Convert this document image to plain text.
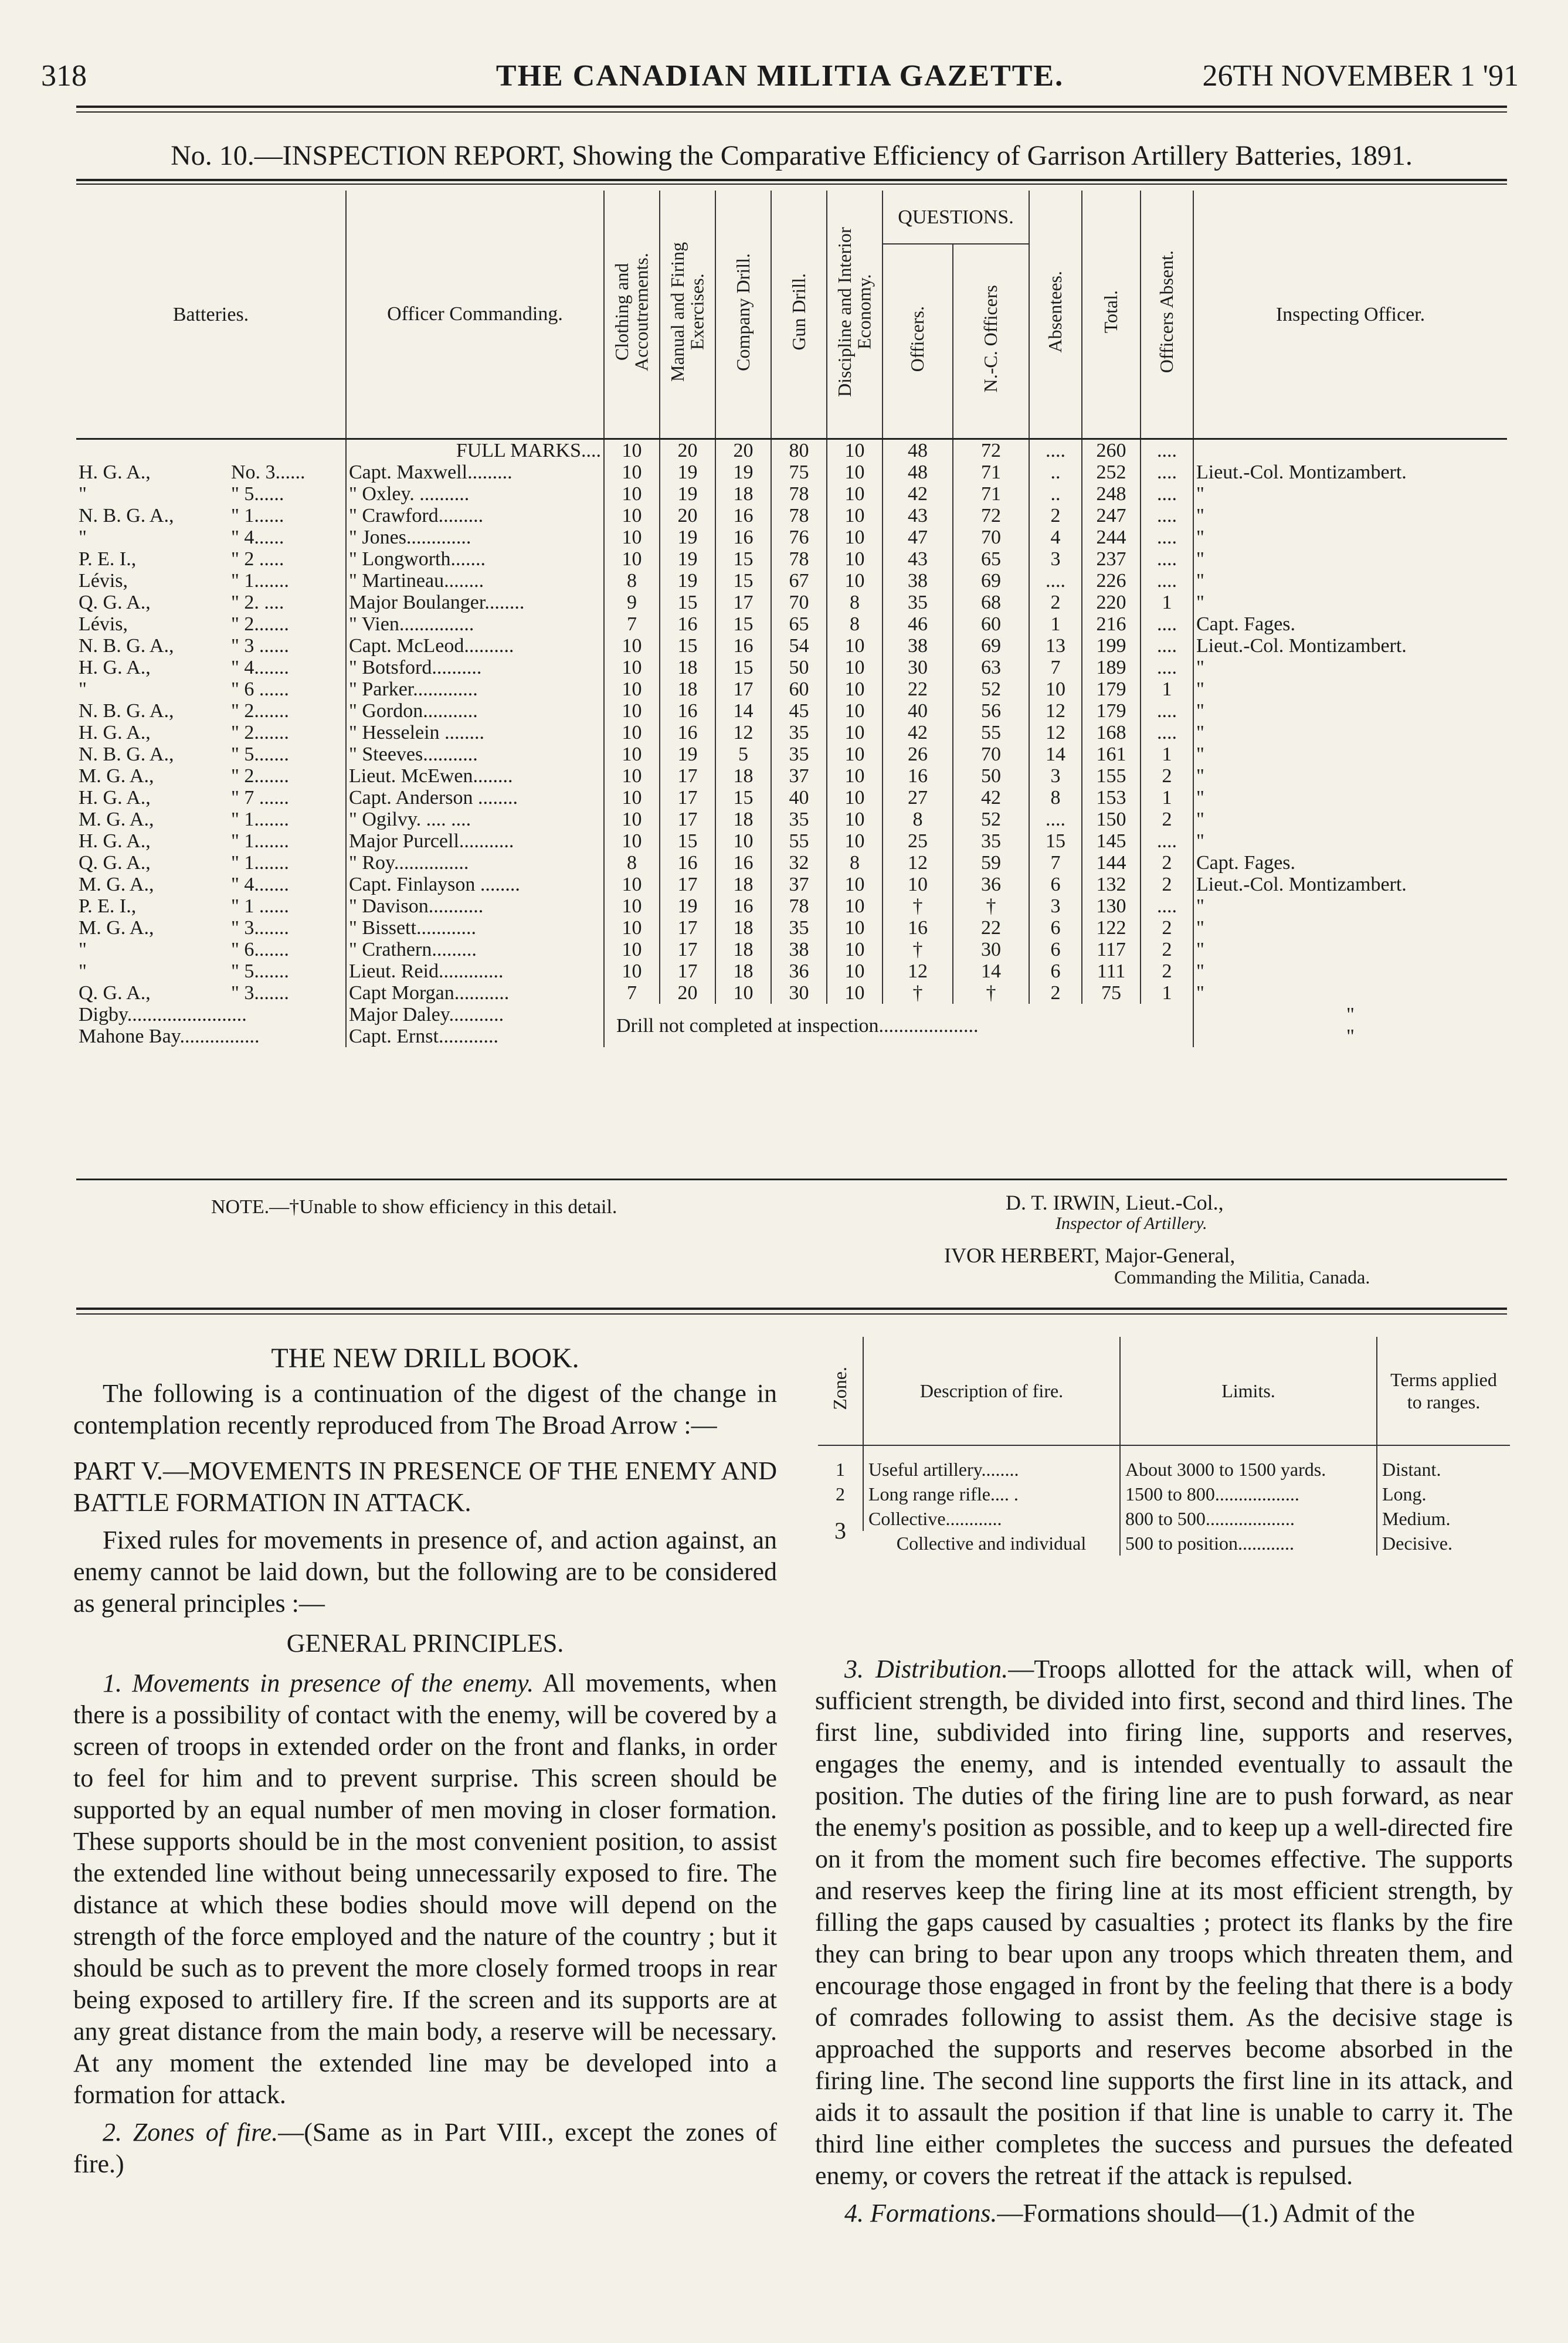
318	THE CANADIAN MILITIA GAZETTE.	26TH NOVEMBER 1 '91
No. 10.—INSPECTION REPORT, Showing the Comparative Efficiency of Garrison Artillery Batteries, 1891.
Batteries.		Officer Commanding.	Clothing and Accoutrements.	Manual and Firing Exercises.	Company Drill.	Gun Drill.	Discipline and Interior Economy.	QUESTIONS.		Absentees.	Total.	Officers Absent.	Inspecting Officer.
								Officers.	N.-C. Officers				
		FULL MARKS....	10	20	20	80	10	48	72	....	260	....	
H. G. A.,	No. 3......	Capt. Maxwell.........	10	19	19	75	10	48	71	..	252	....	Lieut.-Col. Montizambert.
"	" 5......	" Oxley. ..........	10	19	18	78	10	42	71	..	248	....	"
N. B. G. A.,	" 1......	" Crawford.........	10	20	16	78	10	43	72	2	247	....	"
"	" 4......	" Jones.............	10	19	16	76	10	47	70	4	244	....	"
P. E. I.,	" 2 .....	" Longworth.......	10	19	15	78	10	43	65	3	237	....	"
Lévis,	" 1.......	" Martineau........	8	19	15	67	10	38	69	....	226	....	"
Q. G. A.,	" 2. ....	Major Boulanger........	9	15	17	70	8	35	68	2	220	1	"
Lévis,	" 2.......	" Vien...............	7	16	15	65	8	46	60	1	216	....	Capt. Fages.
N. B. G. A.,	" 3 ......	Capt. McLeod..........	10	15	16	54	10	38	69	13	199	....	Lieut.-Col. Montizambert.
H. G. A.,	" 4.......	" Botsford..........	10	18	15	50	10	30	63	7	189	....	"
"	" 6 ......	" Parker.............	10	18	17	60	10	22	52	10	179	1	"
N. B. G. A.,	" 2.......	" Gordon...........	10	16	14	45	10	40	56	12	179	....	"
H. G. A.,	" 2.......	" Hesselein ........	10	16	12	35	10	42	55	12	168	....	"
N. B. G. A.,	" 5.......	" Steeves...........	10	19	5	35	10	26	70	14	161	1	"
M. G. A.,	" 2.......	Lieut. McEwen........	10	17	18	37	10	16	50	3	155	2	"
H. G. A.,	" 7 ......	Capt. Anderson ........	10	17	15	40	10	27	42	8	153	1	"
M. G. A.,	" 1.......	" Ogilvy. .... ....	10	17	18	35	10	8	52	....	150	2	"
H. G. A.,	" 1.......	Major Purcell...........	10	15	10	55	10	25	35	15	145	....	"
Q. G. A.,	" 1.......	" Roy...............	8	16	16	32	8	12	59	7	144	2	Capt. Fages.
M. G. A.,	" 4.......	Capt. Finlayson ........	10	17	18	37	10	10	36	6	132	2	Lieut.-Col. Montizambert.
P. E. I.,	" 1 ......	" Davison...........	10	19	16	78	10	†	†	3	130	....	"
M. G. A.,	" 3.......	" Bissett............	10	17	18	35	10	16	22	6	122	2	"
"	" 6.......	" Crathern.........	10	17	18	38	10	†	30	6	117	2	"
"	" 5.......	Lieut. Reid.............	10	17	18	36	10	12	14	6	111	2	"
Q. G. A.,	" 3.......	Capt Morgan...........	7	20	10	30	10	†	†	2	75	1	"
Digby........................		Major Daley...........	Drill not completed at inspection....................										"
Mahone Bay................		Capt. Ernst............											"
NOTE.—†Unable to show efficiency in this detail.	D. T. IRWIN, Lieut.-Col.,
Inspector of Artillery.
IVOR HERBERT, Major-General,
Commanding the Militia, Canada.
THE NEW DRILL BOOK.

The following is a continuation of the digest of the change in contemplation recently reproduced from The Broad Arrow :—

PART V.—MOVEMENTS IN PRESENCE OF THE ENEMY AND BATTLE FORMATION IN ATTACK.

Fixed rules for movements in presence of, and action against, an enemy cannot be laid down, but the following are to be considered as general principles :—

GENERAL PRINCIPLES.

1. Movements in presence of the enemy. All movements, when there is a possibility of contact with the enemy, will be covered by a screen of troops in extended order on the front and flanks, in order to feel for him and to prevent surprise. This screen should be supported by an equal number of men moving in closer formation. These supports should be in the most convenient position, to assist the extended line without being unnecessarily exposed to fire. The distance at which these bodies should move will depend on the strength of the force employed and the nature of the country ; but it should be such as to prevent the more closely formed troops in rear being exposed to artillery fire. If the screen and its supports are at any great distance from the main body, a reserve will be necessary. At any moment the extended line may be developed into a formation for attack.

2. Zones of fire.—(Same as in Part VIII., except the zones of fire.)

Zone.	Description of fire.	Limits.	Terms applied to ranges.

1	Useful artillery........	About 3000 to 1500 yards.	Distant.
2	Long range rifle.... .	1500 to 800..................	Long.
3	Collective............	800 to 500...................	Medium.
	Collective and individual	500 to position............	Decisive.

3. Distribution.—Troops allotted for the attack will, when of sufficient strength, be divided into first, second and third lines. The first line, subdivided into firing line, supports and reserves, engages the enemy, and is intended eventually to assault the position. The duties of the firing line are to push forward, as near the enemy's position as possible, and to keep up a well-directed fire on it from the moment such fire becomes effective. The supports and reserves keep the firing line at its most efficient strength, by filling the gaps caused by casualties ; protect its flanks by the fire they can bring to bear upon any troops which threaten them, and encourage those engaged in front by the feeling that there is a body of comrades following to assist them. As the decisive stage is approached the supports and reserves become absorbed in the firing line. The second line supports the first line in its attack, and aids it to assault the position if that line is unable to carry it. The third line either completes the success and pursues the defeated enemy, or covers the retreat if the attack is repulsed.

4. Formations.—Formations should—(1.) Admit of the
